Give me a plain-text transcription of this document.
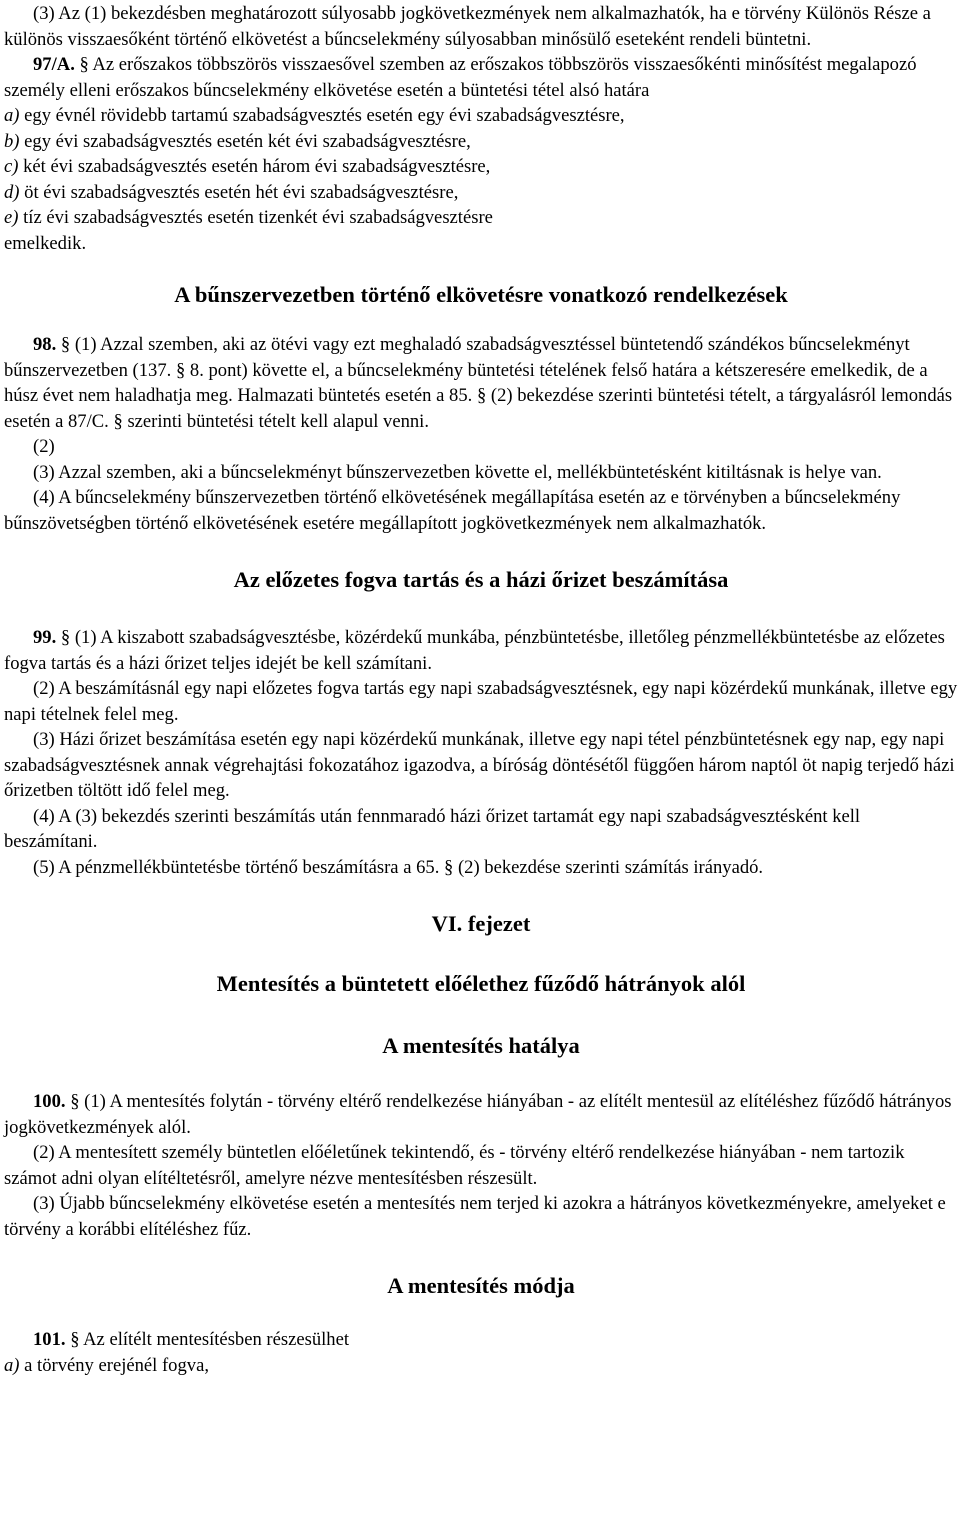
(3) Az (1) bekezdésben meghatározott súlyosabb jogkövetkezmények nem alkalmazhatók, ha e törvény Különös Része a különös visszaesőként történő elkövetést a bűncselekmény súlyosabban minősülő eseteként rendeli büntetni.

97/A. § Az erőszakos többszörös visszaesővel szemben az erőszakos többszörös visszaesőkénti minősítést megalapozó személy elleni erőszakos bűncselekmény elkövetése esetén a büntetési tétel alsó határa

a) egy évnél rövidebb tartamú szabadságvesztés esetén egy évi szabadságvesztésre,

b) egy évi szabadságvesztés esetén két évi szabadságvesztésre,

c) két évi szabadságvesztés esetén három évi szabadságvesztésre,

d) öt évi szabadságvesztés esetén hét évi szabadságvesztésre,

e) tíz évi szabadságvesztés esetén tizenkét évi szabadságvesztésre

emelkedik.

A bűnszervezetben történő elkövetésre vonatkozó rendelkezések

98. § (1) Azzal szemben, aki az ötévi vagy ezt meghaladó szabadságvesztéssel büntetendő szándékos bűncselekményt bűnszervezetben (137. § 8. pont) követte el, a bűncselekmény büntetési tételének felső határa a kétszeresére emelkedik, de a húsz évet nem haladhatja meg. Halmazati büntetés esetén a 85. § (2) bekezdése szerinti büntetési tételt, a tárgyalásról lemondás esetén a 87/C. § szerinti büntetési tételt kell alapul venni.

(2)

(3) Azzal szemben, aki a bűncselekményt bűnszervezetben követte el, mellékbüntetésként kitiltásnak is helye van.

(4) A bűncselekmény bűnszervezetben történő elkövetésének megállapítása esetén az e törvényben a bűncselekmény bűnszövetségben történő elkövetésének esetére megállapított jogkövetkezmények nem alkalmazhatók.

Az előzetes fogva tartás és a házi őrizet beszámítása

99. § (1) A kiszabott szabadságvesztésbe, közérdekű munkába, pénzbüntetésbe, illetőleg pénzmellékbüntetésbe az előzetes fogva tartás és a házi őrizet teljes idejét be kell számítani.

(2) A beszámításnál egy napi előzetes fogva tartás egy napi szabadságvesztésnek, egy napi közérdekű munkának, illetve egy napi tételnek felel meg.

(3) Házi őrizet beszámítása esetén egy napi közérdekű munkának, illetve egy napi tétel pénzbüntetésnek egy nap, egy napi szabadságvesztésnek annak végrehajtási fokozatához igazodva, a bíróság döntésétől függően három naptól öt napig terjedő házi őrizetben töltött idő felel meg.

(4) A (3) bekezdés szerinti beszámítás után fennmaradó házi őrizet tartamát egy napi szabadságvesztésként kell beszámítani.

(5) A pénzmellékbüntetésbe történő beszámításra a 65. § (2) bekezdése szerinti számítás irányadó.

VI. fejezet
Mentesítés a büntetett előélethez fűződő hátrányok alól
A mentesítés hatálya

100. § (1) A mentesítés folytán - törvény eltérő rendelkezése hiányában - az elítélt mentesül az elítéléshez fűződő hátrányos jogkövetkezmények alól.

(2) A mentesített személy büntetlen előéletűnek tekintendő, és - törvény eltérő rendelkezése hiányában - nem tartozik számot adni olyan elítéltetésről, amelyre nézve mentesítésben részesült.

(3) Újabb bűncselekmény elkövetése esetén a mentesítés nem terjed ki azokra a hátrányos következményekre, amelyeket e törvény a korábbi elítéléshez fűz.

A mentesítés módja

101. § Az elítélt mentesítésben részesülhet

a) a törvény erejénél fogva,
